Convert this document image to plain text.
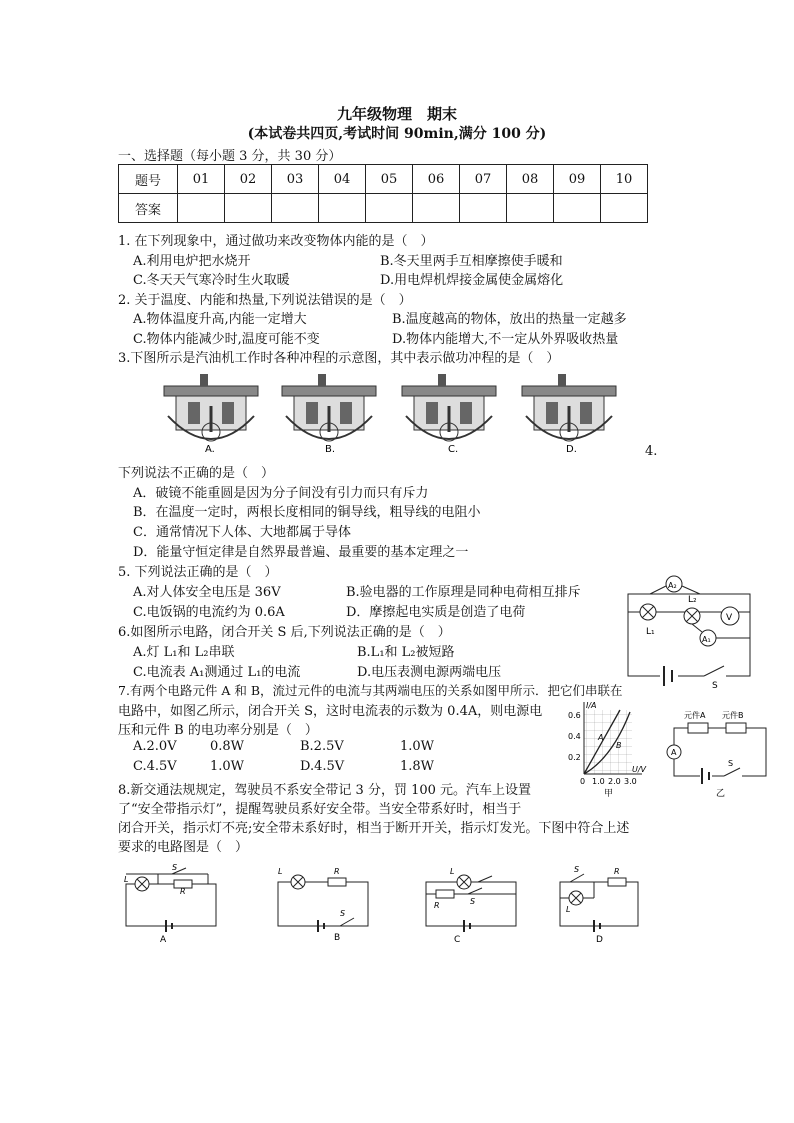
九年级物理　期末
(本试卷共四页,考试时间 90min,满分 100 分)
一、选择题（每小题 3 分，共 30 分）
题号	01	02	03	04	05	06	07	08	09	10
答案										
1. 在下列现象中，通过做功来改变物体内能的是（　）
A.利用电炉把水烧开	B.冬天里两手互相摩擦使手暖和
C.冬天天气寒冷时生火取暖	D.用电焊机焊接金属使金属熔化
2. 关于温度、内能和热量,下列说法错误的是（　）
A.物体温度升高,内能一定增大	B.温度越高的物体，放出的热量一定越多
C.物体内能减少时,温度可能不变	D.物体内能增大,不一定从外界吸收热量
3.下图所示是汽油机工作时各种冲程的示意图，其中表示做功冲程的是（　）
A.	B.	C.	D.	4.
下列说法不正确的是（　）
A．破镜不能重圆是因为分子间没有引力而只有斥力
B．在温度一定时，两根长度相同的铜导线，粗导线的电阻小
C．通常情况下人体、大地都属于导体
D．能量守恒定律是自然界最普遍、最重要的基本定理之一
5. 下列说法正确的是（　）
A.对人体安全电压是 36V	B.验电器的工作原理是同种电荷相互排斥
C.电饭锅的电流约为 0.6A	D．摩擦起电实质是创造了电荷
A₂
L₁
L₂
V
A₁
S
6.如图所示电路，闭合开关 S 后,下列说法正确的是（　）
A.灯 L₁和 L₂串联	B.L₁和 L₂被短路
C.电流表 A₁测通过 L₁的电流	D.电压表测电源两端电压
7.有两个电路元件 A 和 B，流过元件的电流与其两端电压的关系如图甲所示．把它们串联在
电路中，如图乙所示，闭合开关 S，这时电流表的示数为 0.4A，则电源电
压和元件 B 的电功率分别是（　）
A.2.0V	0.8W	B.2.5V	1.0W
C.4.5V	1.0W	D.4.5V	1.8W
I/A
U/V
0.6
0.4
0.2
0 1.0 2.0 3.0
A
B
甲
元件A 元件B
A
S
乙
8.新交通法规规定，驾驶员不系安全带记 3 分，罚 100 元。汽车上设置
了“安全带指示灯”，提醒驾驶员系好安全带。当安全带系好时，相当于
闭合开关，指示灯不亮;安全带未系好时，相当于断开开关，指示灯发光。下图中符合上述
要求的电路图是（　）
L
S
R
A
L
S
R
B
L
S
R
C
L
S	R
D
